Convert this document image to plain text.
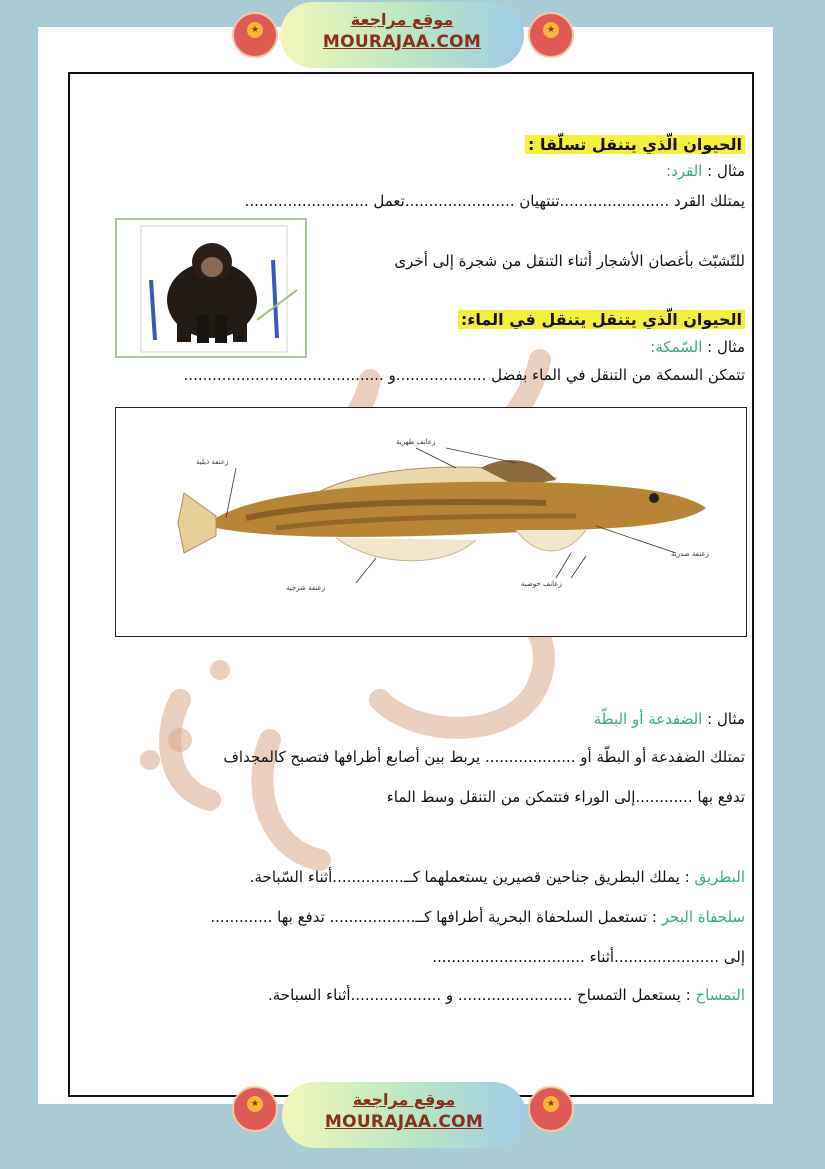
★
موقع مراجعة
MOURAJAA.COM
★
الحيوان الّذي يتنقل تسلّقا :
مثال : القرد:
يمتلك القرد .......................تنتهيان .......................تعمل ..........................
للتّشبّث بأغصان الأشجار أثناء التنقل من شجرة إلى أخرى
الحيوان الّذي يتنقل يتنقل في الماء:
مثال : السّمكة:
تتمكن السمكة من التنقل في الماء بفضل ...................و ..........................................
زعانف ظهرية
زعنفة ذيلية
زعنفة صدرية
زعنفة شرجية	زعانف حوضية
مثال : الضفدعة أو البطّة
تمتلك الضفدعة أو البطّة أو ................... يربط بين أصابع أطرافها فتصبح كالمجداف
تدفع بها ............إلى الوراء فتتمكن من التنقل وسط الماء
البطريق : يملك البطريق جناحين قصيرين يستعملهما كــ...............أثناء السّباحة.
سلحفاة البحر : تستعمل السلحفاة البحرية أطرافها كــ.................. تدفع بها .............
إلى ......................أثناء ................................
التمساح : يستعمل التمساح ........................ و ...................أثناء السباحة.
★	موقع مراجعة
MOURAJAA.COM
★
